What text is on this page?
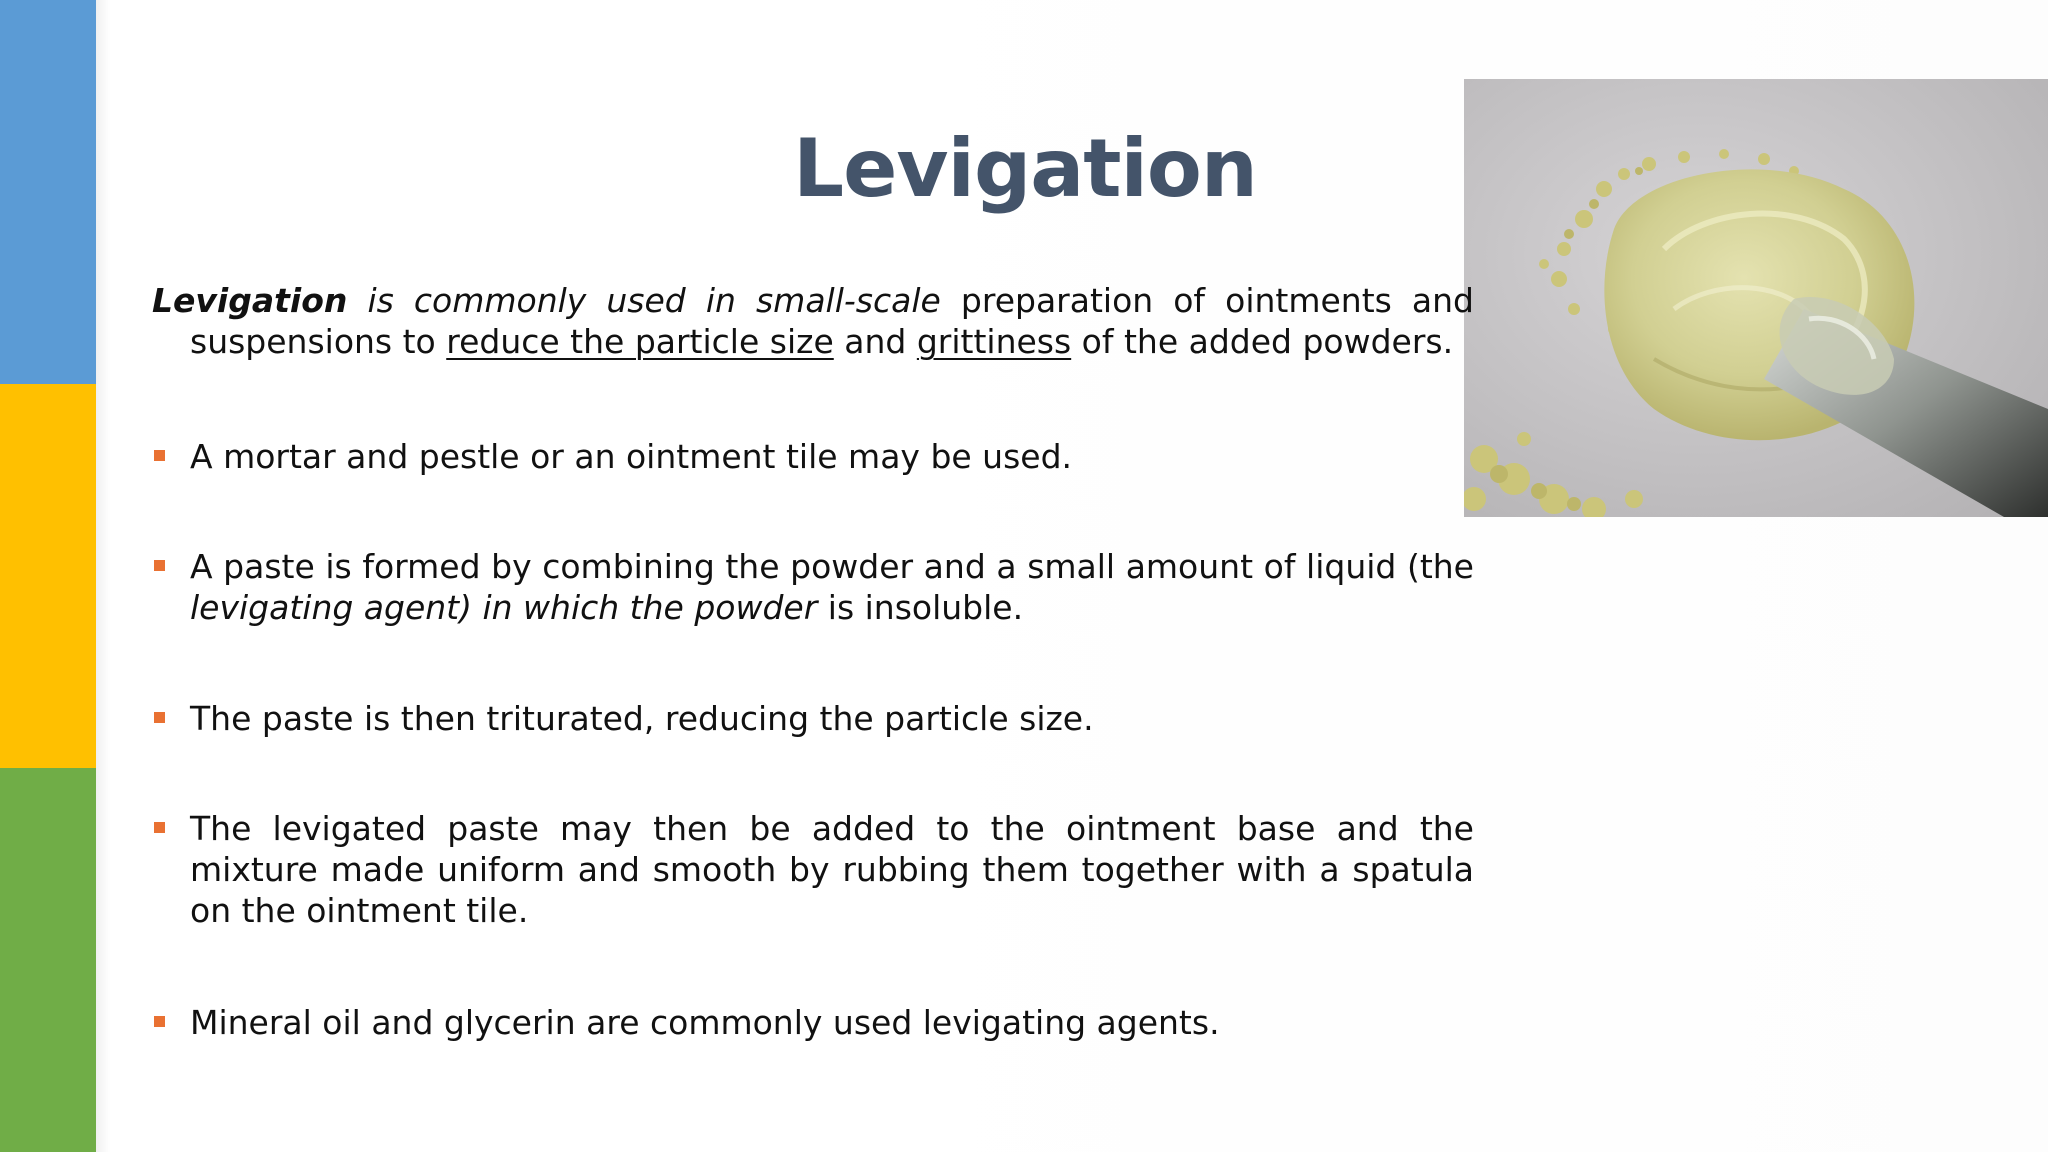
Levigation

Levigation is commonly used in small-scale preparation of ointments and suspensions to reduce the particle size and grittiness of the added powders.

A mortar and pestle or an ointment tile may be used.
A paste is formed by combining the powder and a small amount of liquid (the levigating agent) in which the powder is insoluble.
The paste is then triturated, reducing the particle size.
The levigated paste may then be added to the ointment base and the mixture made uniform and smooth by rubbing them together with a spatula on the ointment tile.
Mineral oil and glycerin are commonly used levigating agents.
